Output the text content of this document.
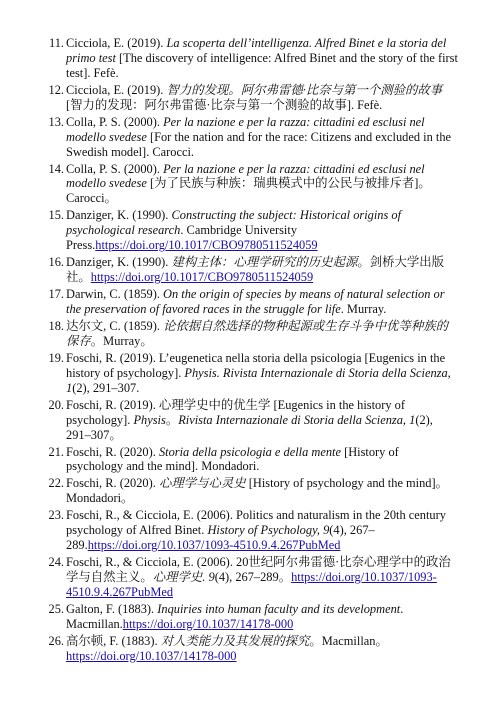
11 . Cicciola, E. (2019). La scoperta dell’intelligenza. Alfred Binet e la storia del primo test [The discovery of intelligence: Alfred Binet and the story of the first test]. Fefè.
12 . Cicciola, E. (2019). 智力的发现。阿尔弗雷德·比奈与第一个测验的故事 [智力的发现：阿尔弗雷德·比奈与第一个测验的故事]. Fefè.
13 . Colla, P. S. (2000). Per la nazione e per la razza: cittadini ed esclusi nel modello svedese [For the nation and for the race: Citizens and excluded in the Swedish model]. Carocci.
14 . Colla, P. S. (2000). Per la nazione e per la razza: cittadini ed esclusi nel modello svedese [为了民族与种族：瑞典模式中的公民与被排斥者]。Carocci。
15 . Danziger, K. (1990). Constructing the subject: Historical origins of psychological research. Cambridge University Press.https://doi.org/10.1017/CBO9780511524059
16 . Danziger, K. (1990). 建构主体：心理学研究的历史起源。剑桥大学出版社。https://doi.org/10.1017/CBO9780511524059
17 . Darwin, C. (1859). On the origin of species by means of natural selection or the preservation of favored races in the struggle for life. Murray.
18 . 达尔文, C. (1859). 论依据自然选择的物种起源或生存斗争中优等种族的保存。Murray。
19 . Foschi, R. (2019). L’eugenetica nella storia della psicologia [Eugenics in the history of psychology]. Physis. Rivista Internazionale di Storia della Scienza, 1(2), 291–307.
20 . Foschi, R. (2019). 心理学史中的优生学 [Eugenics in the history of psychology]. Physis。Rivista Internazionale di Storia della Scienza, 1(2), 291–307。
21 . Foschi, R. (2020). Storia della psicologia e della mente [History of psychology and the mind]. Mondadori.
22 . Foschi, R. (2020). 心理学与心灵史 [History of psychology and the mind]。Mondadori。
23 . Foschi, R., & Cicciola, E. (2006). Politics and naturalism in the 20th century psychology of Alfred Binet. History of Psychology, 9(4), 267–289.https://doi.org/10.1037/1093-4510.9.4.267PubMed
24 . Foschi, R., & Cicciola, E. (2006). 20世纪阿尔弗雷德·比奈心理学中的政治学与自然主义。心理学史. 9(4), 267–289。https://doi.org/10.1037/1093-4510.9.4.267PubMed
25 . Galton, F. (1883). Inquiries into human faculty and its development. Macmillan.https://doi.org/10.1037/14178-000
26 . 高尔顿, F. (1883). 对人类能力及其发展的探究。Macmillan。https://doi.org/10.1037/14178-000
